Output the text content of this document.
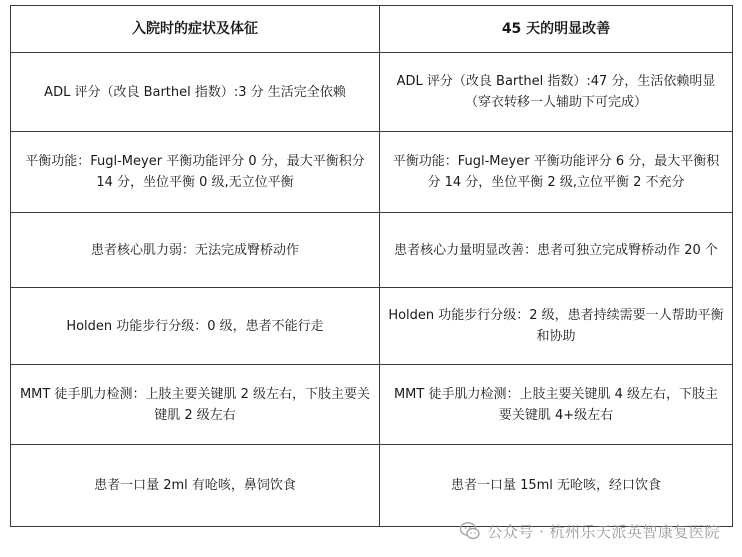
入院时的症状及体征	45 天的明显改善
ADL 评分（改良 Barthel 指数）:3 分 生活完全依赖	ADL 评分（改良 Barthel 指数）:47 分，生活依赖明显（穿衣转移一人辅助下可完成）
平衡功能：Fugl-Meyer 平衡功能评分 0 分，最大平衡积分 14 分，坐位平衡 0 级,无立位平衡	平衡功能：Fugl-Meyer 平衡功能评分 6 分，最大平衡积分 14 分，坐位平衡 2 级,立位平衡 2 不充分
患者核心肌力弱：无法完成臀桥动作	患者核心力量明显改善：患者可独立完成臀桥动作 20 个
Holden 功能步行分级：0 级，患者不能行走	Holden 功能步行分级：2 级，患者持续需要一人帮助平衡和协助
MMT 徒手肌力检测：上肢主要关键肌 2 级左右，下肢主要关键肌 2 级左右	MMT 徒手肌力检测：上肢主要关键肌 4 级左右，下肢主要关键肌 4+级左右
患者一口量 2ml 有呛咳，鼻饲饮食	患者一口量 15ml 无呛咳，经口饮食
公众号 · 杭州乐天派英智康复医院
